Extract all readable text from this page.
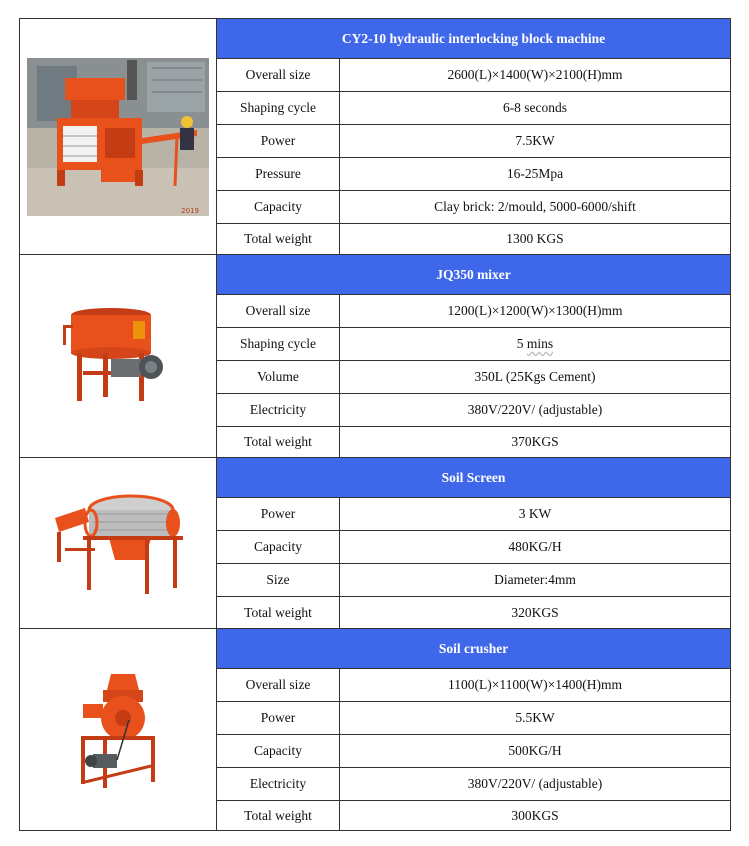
2019
CY2-10 hydraulic interlocking block machine
Overall size	2600(L)×1400(W)×2100(H)mm
Shaping cycle	6-8 seconds
Power	7.5KW
Pressure	16-25Mpa
Capacity	Clay brick: 2/mould, 5000-6000/shift
Total weight	1300 KGS
JQ350 mixer
Overall size	1200(L)×1200(W)×1300(H)mm
Shaping cycle	5 mins
Volume	350L (25Kgs Cement)
Electricity	380V/220V/ (adjustable)
Total weight	370KGS
Soil Screen
Power	3 KW
Capacity	480KG/H
Size	Diameter:4mm
Total weight	320KGS
Soil crusher
Overall size	1100(L)×1100(W)×1400(H)mm
Power	5.5KW
Capacity	500KG/H
Electricity	380V/220V/ (adjustable)
Total weight	300KGS
